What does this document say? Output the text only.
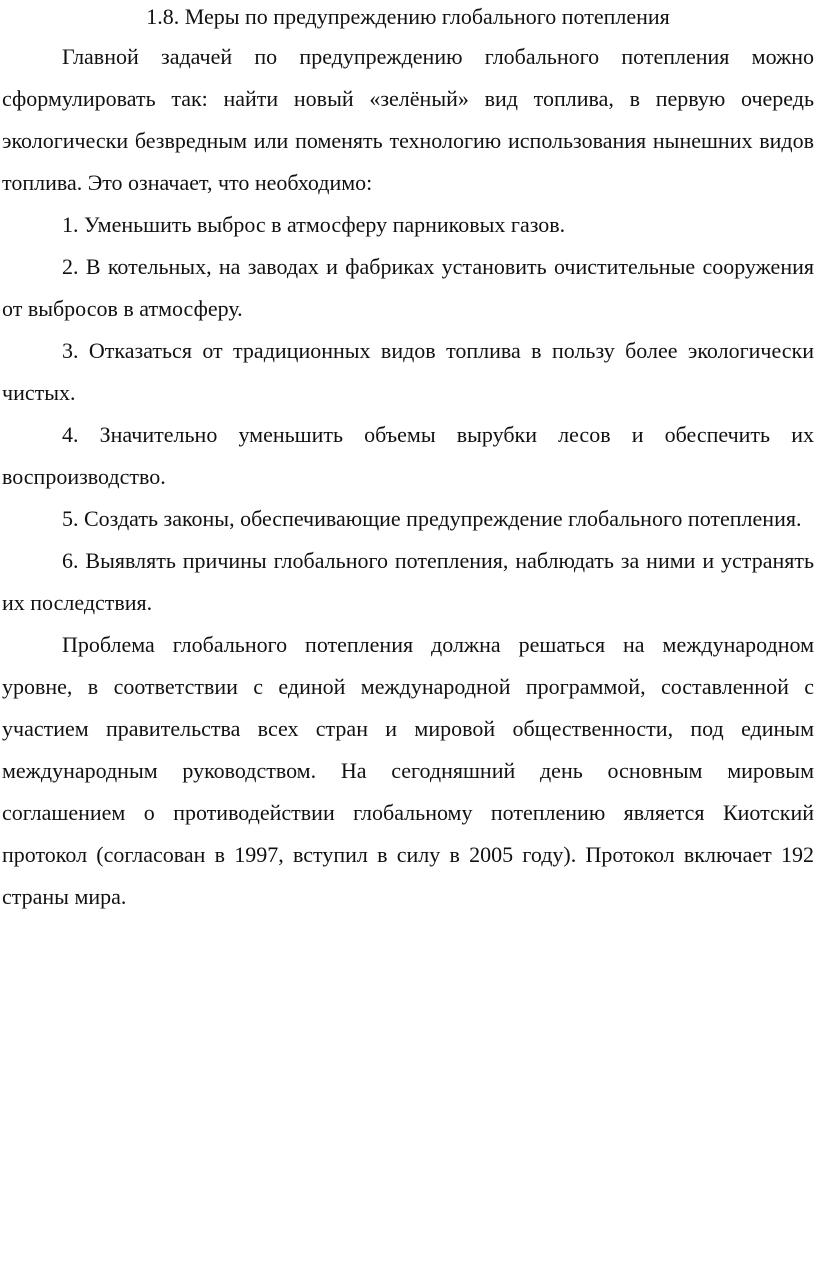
1.8. Меры по предупреждению глобального потепления

Главной задачей по предупреждению глобального потепления можно сформулировать так: найти новый «зелёный» вид топлива, в первую очередь экологически безвредным или поменять технологию использования нынешних видов топлива. Это означает, что необходимо:

1. Уменьшить выброс в атмосферу парниковых газов.

2. В котельных, на заводах и фабриках установить очистительные сооружения от выбросов в атмосферу.

3. Отказаться от традиционных видов топлива в пользу более экологически чистых.

4. Значительно уменьшить объемы вырубки лесов и обеспечить их воспроизводство.

5. Создать законы, обеспечивающие предупреждение глобального потепления.

6. Выявлять причины глобального потепления, наблюдать за ними и устранять их последствия.

Проблема глобального потепления должна решаться на международном уровне, в соответствии с единой международной программой, составленной с участием правительства всех стран и мировой общественности, под единым международным руководством. На сегодняшний день основным мировым соглашением о противодействии глобальному потеплению является Киотский протокол (согласован в 1997, вступил в силу в 2005 году). Протокол включает 192 страны мира.
